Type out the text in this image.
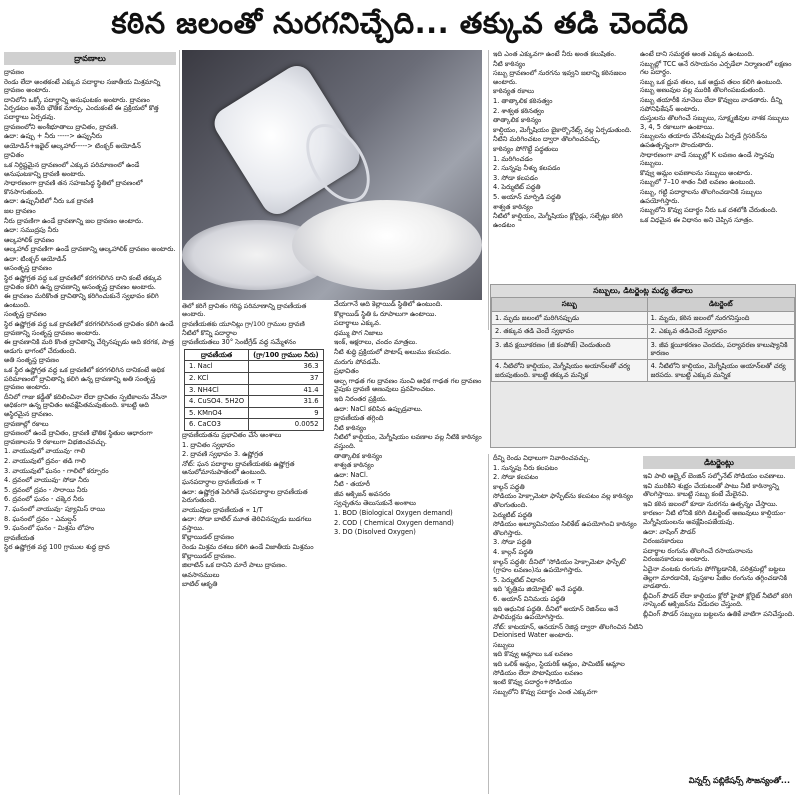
కఠిన జలంతో నురగనిచ్చేది... తక్కువ తడి చెందేది
ద్రావణాలు
ద్రావణం
రెండు లేదా అంతకంటే ఎక్కువ పదార్థాల సజాతీయ మిశ్రమాన్ని ద్రావణం అంటారు.
దానిలోని ఒక్కో పదార్థాన్ని అనుఘటకం అంటారు. ద్రావణం ఏర్పడటం అనేది భౌతిక మార్పు. ఎందుకంటే ఈ ప్రక్రియలో కొత్త పదార్థాలు ఏర్పడవు.
ద్రావణంలోని అంశీభూతాలు ద్రావితం, ద్రావణి.
ఉదా: ఉప్పు + నీరు -----> ఉప్పునీరు
అయోడిన్+ఇథైల్ ఆల్కహాల్-----> టింక్చర్ అయోడిన్
ద్రావితం
ఒక నిర్దిష్టమైన ద్రావణంలో ఎక్కువ పరిమాణంలో ఉండే అనుఘటకాన్ని ద్రావణి అంటారు.
సాధారణంగా ద్రావణి తన సహజసిద్ధ స్థితిలో ద్రావణంలో కొనసాగుతుంది.
ఉదా: ఉప్పునీటిలో నీరు ఒక ద్రావణి
జల ద్రావణం
నీరు ద్రావణిగా ఉండే ద్రావణాన్ని జల ద్రావణం అంటారు.
ఉదా: సముద్రపు నీరు
ఆల్కహాలిక్ ద్రావణం
ఆల్కహాల్ ద్రావణిగా ఉండే ద్రావణాన్ని ఆల్కహాలిక్ ద్రావణం అంటారు.
ఉదా: టింక్చర్ అయోడిన్
అసంతృప్త ద్రావణం
స్థిర ఉష్ణోగ్రత వద్ద ఒక ద్రావణిలో కరగగలిగిన దాని కంటే తక్కువ ద్రావితం కలిగి ఉన్న ద్రావణాన్ని అసంతృప్త ద్రావణం అంటారు.
ఈ ద్రావణం మరికొంత ద్రావితాన్ని కరిగించుకునే స్వభావం కలిగి ఉంటుంది.
సంతృప్త ద్రావణం
స్థిర ఉష్ణోగ్రత వద్ద ఒక ద్రావణిలో కరగగలిగినంత ద్రావితం కలిగి ఉండే ద్రావణాన్ని సంతృప్త ద్రావణం అంటారు.
ఈ ద్రావణానికి మరి కొంత ద్రావితాన్ని చేర్చినప్పుడు అది కరగక, పాత్ర అడుగు భాగంలో చేరుతుంది.
అతి సంతృప్త ద్రావణం
ఒక స్థిర ఉష్ణోగ్రత వద్ద ఒక ద్రావణిలో కరగగలిగిన దానికంటే అధిక పరిమాణంలో ద్రావితాన్ని కలిగి ఉన్న ద్రావణాన్ని అతి సంతృప్త ద్రావణం అంటారు.
దీనిలో గాజు కడ్డీతో కదిలించినా లేదా ద్రావితం స్ఫటికాలను వేసినా అధికంగా ఉన్న ద్రావితం అవక్షేపితమవుతుంది. కాబట్టి అది అస్థిరమైన ద్రావణం.
ద్రావణాల్లో రకాలు
ద్రావణంలో ఉండే ద్రావితం, ద్రావణి భౌతిక స్థితుల ఆధారంగా ద్రావణాలను 9 రకాలుగా విభజించవచ్చు.
1. వాయువులో వాయువు- గాలి
2. వాయువులో ద్రవం- తడి గాలి
3. వాయువులో ఘనం - గాలిలో కర్పూరం
4. ద్రవంలో వాయువు- సోడా నీరు
5. ద్రవంలో ద్రవం - సారాయి నీరు
6. ద్రవంలో ఘనం - చక్కెర నీరు
7. ఘనంలో వాయువు- ప్యూమిస్ రాయి
8. ఘనంలో ద్రవం - ఎమల్షన్
9. ఘనంలో ఘనం - మిశ్రమ లోహం
ద్రావణీయత
స్థిర ఉష్ణోగ్రత వద్ద 100 గ్రాముల శుద్ధ ద్రావ
తెలో కరిగే ద్రావితం గరిష్ఠ పరిమాణాన్ని ద్రావణీయత అంటారు.
ద్రావణీయతకు యూనిట్లు గ్రా/100 గ్రాముల ద్రావణి
నీటిలో కొన్ని పదార్థాల
ద్రావణీయతలు 30° సెంటీగ్రేడ్ వద్ద సమ్మేళనం
ద్రావణీయత	(గ్రా/100 గ్రాముల నీరు)
1. Nacl	36.3
2. KCl	37
3. NH4Cl	41.4
4. CuSO4. 5H2O	31.6
5. KMnO4	9
6. CaCO3	0.0052
ద్రావణీయతను ప్రభావితం చేసే అంశాలు
1. ద్రావితం స్వభావం
2. ద్రావణి స్వభావం 3. ఉష్ణోగ్రత
నోట్: ఘన పదార్థాల ద్రావణీయతకు ఉష్ణోగ్రత అనులోమానుపాతంలో ఉంటుంది.
ఘనపదార్థాల ద్రావణీయత ∝ T
ఉదా: ఉష్ణోగ్రత పెరిగితే ఘనపదార్థాల ద్రావణీయత పెరుగుతుంది.
వాయువుల ద్రావణీయత ∝ 1/T
ఉదా: సోడా బాటిల్ మూత తెరిచినప్పుడు బుడగలు వస్తాయి.
కొల్లాయిడల్ ద్రావణం
రెండు మిశ్రమ దశలు కలిగి ఉండే విజాతీయ మిశ్రమం కొల్లాయిడల్ ద్రావణం.
జిలాటిన్ ఒక దానిని మారే పాలు ద్రావణం.
అవసానములు
బాటిల్ ఆకృతి
వేయగానే అది కెల్లాయిడ్ స్థితిలో ఉంటుంది.
కొల్లాయిడ్ స్థితి ఓ రూపాలుగా ఉంటాయి.
పదార్థాలు ఎక్కువ.
ధమ్ము పొగ నిజాలు
ఇంక్, ఆక్షరాలు, చందం మాత్రలు.
నీటి శుద్ధి ప్రక్రియలో పొటాష్ అలుము కలపడం.
మరుగు పోవడమే.
ప్రభావితం
అల్ప గాఢత గల ద్రావణం నుంచి అధిక గాఢత గల ద్రావణం వైపుకు ద్రావణి అణువులు ప్రవహించటం.
ఇది నిరంతర ప్రక్రియ.
ఉదా: NaCl కలిపిన ఉప్పుడ్రవాలు.
ద్రావణీయత తగ్గింది
నీటి కాఠిన్యం
నీటిలో కాల్షియం, మెగ్నీషియం లవణాల వల్ల నీటికి కాఠిన్యం వస్తుంది.
తాత్కాలిక కాఠిన్యం
శాశ్వత కాఠిన్యం
ఉదా: NaCl.
నీటి - తయారీ
జీవ ఆక్సిజన్ అవసరం
స్వచ్ఛతను తెలుసుకునే అంశాలు
1. BOD (Biological Oxygen demand)
2. COD ( Chemical Oxygen demand)
3. DO (Disolved Oxygen)
ఇది ఎంత ఎక్కువగా ఉంటే నీరు అంత కలుషితం.
నీటి కాఠిన్యం
సబ్బు ద్రావణంలో నురగను ఇవ్వని జలాన్ని కఠినజలం అంటారు.
కాఠిన్యత రకాలు
1. తాత్కాలిక కఠినత్వం
2. శాశ్వత కఠినత్వం
తాత్కాలిక కాఠిన్యం
కాల్షియం, మెగ్నీషియం బైకార్బొనేట్స్ వల్ల ఏర్పడుతుంది.
నీటిని మరిగించటం ద్వారా తొలగించవచ్చు.
కాఠిన్యం పోగొట్టే పద్ధతులు
1. మరిగించడం
2. సున్నపు నీళ్ళు కలపడం
3. సోడా కలపడం
4. పెర్ముటిట్ పద్ధతి
5. అయాన్ మార్పిడి పద్ధతి
శాశ్వత కాఠిన్యం
నీటిలో కాల్షియం, మెగ్నీషియం క్లోరైడ్లు, సల్ఫేట్లు కరిగి ఉండటం
ఉంటే దాని సమర్థత అంత ఎక్కువ ఉంటుంది.
సబ్బుల్లో TCC అనే రసాయనం ఎర్పడేలా నిర్మాణంలో లక్షణం గల పదార్థం.
సబ్బు ఒక ధ్రువ తలం, ఒక అధ్రువ తలం కలిగి ఉంటుంది. సబ్బు అణువుల వల్ల మురికి తొలగింపబడుతుంది.
సబ్బు తయారీకి నూనెలు లేదా కొవ్వులు వాడతారు. దీన్ని సపోనిఫికేషన్ అంటారు.
దుస్తులను తొలగించే సబ్బులు, సూక్ష్మజీవుల నాశక సబ్బులు 3, 4, 5 రకాలుగా ఉంటాయి.
సబ్బులను తయారు చేసేటప్పుడు ఏర్పడే గ్లిసరిన్‌ను ఉపఉత్పన్నంగా పొందుతారు.
సాధారణంగా వాడే సబ్బుల్లో K లవణం ఉండే స్నానపు సబ్బులు.
కొవ్వు ఆమ్లం లవణాలను సబ్బులు అంటారు.
సబ్బులో 7–10 శాతం నీటి లవణం ఉంటుంది.
సబ్బు, గట్టి పదార్థాలను తొలగించడానికి సబ్బులు ఉపయోగిస్తారు.
సబ్బులోని కొవ్వు పదార్థం నీరు ఒక దశలోకి చేరుతుంది.
ఒక విధమైన ఈ విధానం అని చెప్పిన సూత్రం.
సబ్బులు, డిటర్జెంట్ల మధ్య తేడాలు
సబ్బు	డిటర్జెంట్
1. మృదు జలంలో మరిగినప్పుడు	1. మృదు, కఠిన జలంలో నురగనిస్తుంది
2. తక్కువ తడి చెందే స్వభావం	2. ఎక్కువ తడిచెందే స్వభావం
3. జీవ క్షయీకరణం (జీ కంపోజ్) చెందుతుంది	3. జీవ క్షయీకరణం చెందదు, పర్యావరణ కాలుష్యానికి కారణం
4. నీటిలోని కాల్షియం, మెగ్నీషియం అయాన్‌లతో చర్య జరుపుతుంది. కాబట్టి తక్కువ మన్నిక	4. నీటిలోని కాల్షియం, మెగ్నీషియం అయాన్‌లతో చర్య జరపదు. కాబట్టి ఎక్కువ మన్నిక
దీన్ని రెండు విధాలుగా నివారించవచ్చు.
1. సున్నపు నీరు కలపటం
2. సోడా కలపటం
కాల్గన్ పద్ధతి
సోడియం హెక్సామెటా ఫాస్ఫేట్‌ను కలపటం వల్ల కాఠిన్యం తొలగుతుంది.
పెర్ముటిట్ పద్ధతి
సోడియం అల్యూమినియం సిలికేట్ ఉపయోగించి కాఠిన్యం తొలగిస్తారు.
3. సోడా పద్ధతి
4. కాల్గన్ పద్ధతి
కాల్గన్ పద్ధతి: దీనిలో 'సోడియం హెక్సామెటా ఫాస్ఫేట్' (గ్రాహం లవణం)ను ఉపయోగిస్తారు.
5. పెర్ముటిట్ విధానం
ఇది 'కృత్రిమ జియోలైట్' అనే పద్ధతి.
6. అయాన్ వినిమయ పద్ధతి
ఇది ఆధునిక పద్ధతి. దీనిలో అయాన్ రెజిన్‌లు అనే పాలిమర్లను ఉపయోగిస్తారు.
నోట్: కాటయాన్, ఆనయాన్ రెజిన్ల ద్వారా తొలగించిన నీటిని Deionised Water అంటారు.
సబ్బులు
ఇది కొవ్వు ఆమ్లాలు ఒక లవణం
ఇది ఒలిక్ ఆమ్లం, స్టియరిక్ ఆమ్లం, పామిటిక్ ఆమ్లాల సోడియం లేదా పొటాషియం లవణం
ఇంటి కొవ్వు పదార్థం+సోడియం
సబ్బులోని కొవ్వు పదార్థం ఎంత ఎక్కువగా
డిటర్జెంట్లు
ఇవి పాలి ఆల్కైల్ బెంజిన్ సల్ఫోనేట్ సోడియం లవణాలు.
ఇవి మురికిని శుభ్రం చేయటంతో పాటు నీటి కాఠిన్యాన్ని తొలగిస్తాయి. కాబట్టి సబ్బు కంటే మేలైనవి.
ఇవి కఠిన జలంలో కూడా నురగను ఉత్పన్నం చేస్తాయి.
కారణం- నీటి లోనికి కరిగి డిటర్జెంట్ అణువులు కాల్షియం- మెగ్నీషియంలను అవక్షేపింపజేయవు.
ఉదా: వాషింగ్ పౌడర్
విరంజనకారులు
పదార్థాల రంగును తొలగించే రసాయనాలను విరంజనకారులు అంటారు.
ఏదైనా వంటకు రంగును పోగొట్టడానికి, పరిశ్రమల్లో బట్టలు తెల్లగా మారడానికి, పుస్తకాల పేజీల రంగును తగ్గించడానికి వాడతారు.
బ్లీచింగ్ పౌడర్ లేదా కాల్షియం క్లోరో హైపో క్లోరైట్ నీటిలో కరిగి నాస్కెంట్ ఆక్సిజన్‌ను విడుదల చేస్తుంది.
బ్లీచింగ్ పౌడర్ సబ్బులు బట్టలను ఉతికే వాటిగా పనిచేస్తుంది.
విన్నర్స్ పబ్లికేషన్స్ సౌజన్యంతో...
